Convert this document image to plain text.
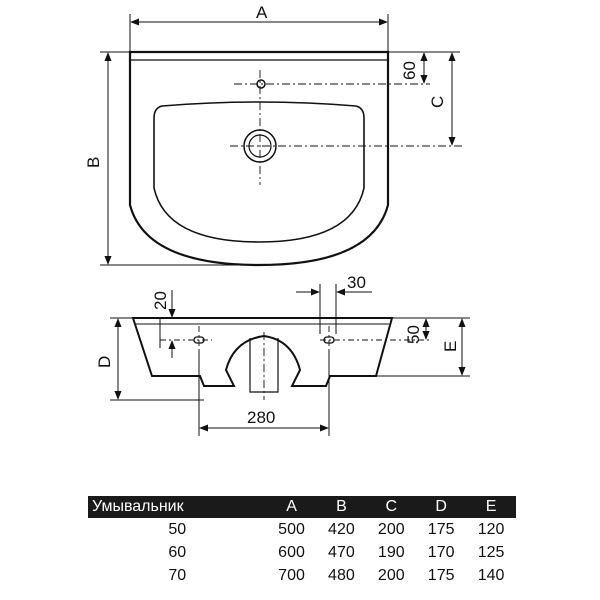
A
B
60
C
D
20
30
50
E
280
Умывальник	A	B	C	D	E
50	500	420	200	175	120
60	600	470	190	170	125
70	700	480	200	175	140
